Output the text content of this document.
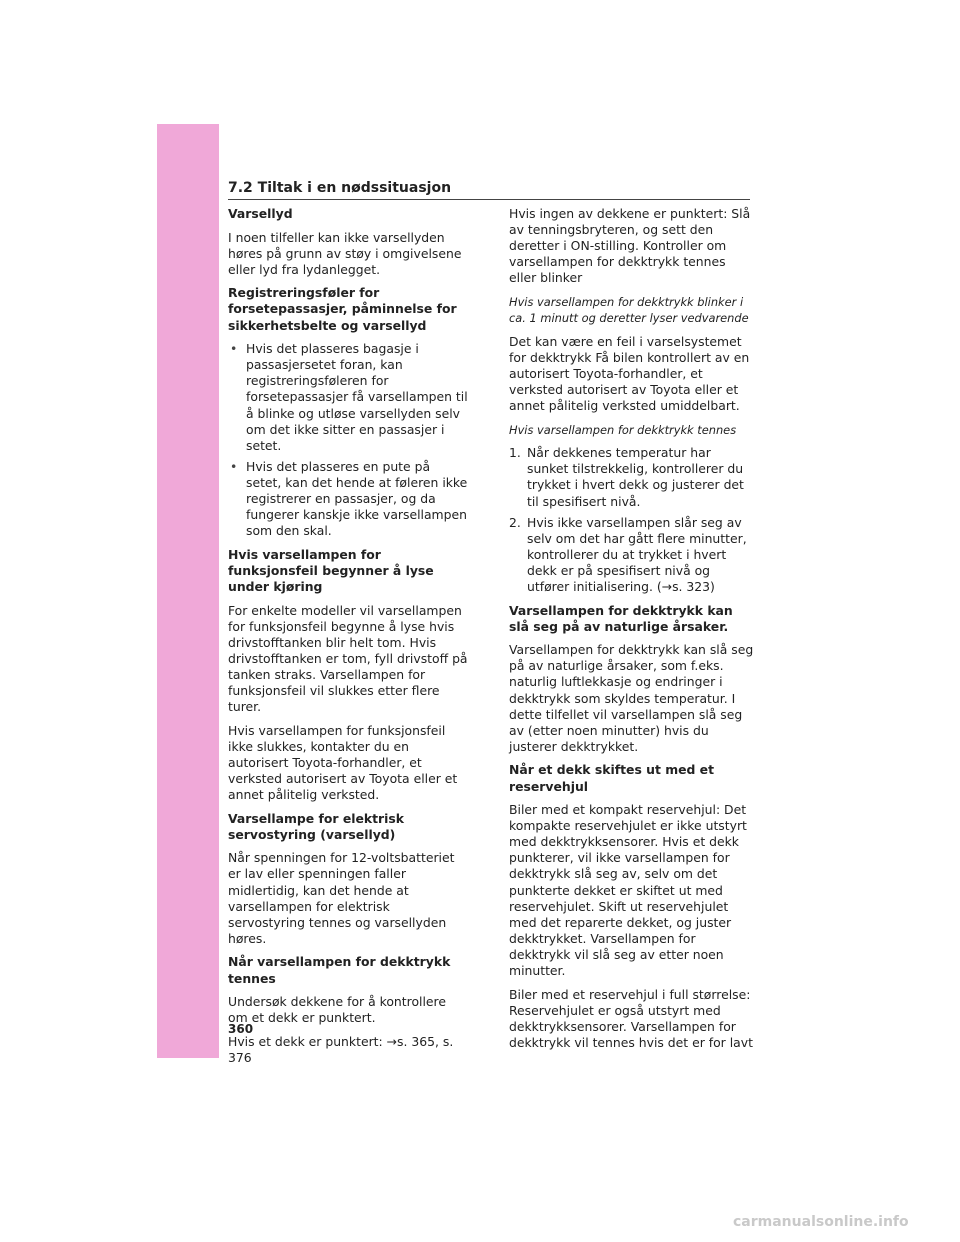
7.2 Tiltak i en nødssituasjon

Varsellyd

I noen tilfeller kan ikke varsellyden høres på grunn av støy i omgivelsene eller lyd fra lydanlegget.

Registreringsføler for forsetepassasjer, påminnelse for sikkerhetsbelte og varsellyd

• Hvis det plasseres bagasje i passasjersetet foran, kan registreringsføleren for forsetepassasjer få varsellampen til å blinke og utløse varsellyden selv om det ikke sitter en passasjer i setet.
• Hvis det plasseres en pute på setet, kan det hende at føleren ikke registrerer en passasjer, og da fungerer kanskje ikke varsellampen som den skal.

Hvis varsellampen for funksjonsfeil begynner å lyse under kjøring

For enkelte modeller vil varsellampen for funksjonsfeil begynne å lyse hvis drivstofftanken blir helt tom. Hvis drivstofftanken er tom, fyll drivstoff på tanken straks. Varsellampen for funksjonsfeil vil slukkes etter flere turer.

Hvis varsellampen for funksjonsfeil ikke slukkes, kontakter du en autorisert Toyota-forhandler, et verksted autorisert av Toyota eller et annet pålitelig verksted.

Varsellampe for elektrisk servostyring (varsellyd)

Når spenningen for 12-voltsbatteriet er lav eller spenningen faller midlertidig, kan det hende at varsellampen for elektrisk servostyring tennes og varsellyden høres.

Når varsellampen for dekktrykk tennes

Undersøk dekkene for å kontrollere om et dekk er punktert.

Hvis et dekk er punktert: →s. 365, s. 376

Hvis ingen av dekkene er punktert: Slå av tenningsbryteren, og sett den deretter i ON-stilling. Kontroller om varsellampen for dekktrykk tennes eller blinker

Hvis varsellampen for dekktrykk blinker i ca. 1 minutt og deretter lyser vedvarende

Det kan være en feil i varselsystemet for dekktrykk Få bilen kontrollert av en autorisert Toyota-forhandler, et verksted autorisert av Toyota eller et annet pålitelig verksted umiddelbart.

Hvis varsellampen for dekktrykk tennes

1. Når dekkenes temperatur har sunket tilstrekkelig, kontrollerer du trykket i hvert dekk og justerer det til spesifisert nivå.
2. Hvis ikke varsellampen slår seg av selv om det har gått flere minutter, kontrollerer du at trykket i hvert dekk er på spesifisert nivå og utfører initialisering. (→s. 323)

Varsellampen for dekktrykk kan slå seg på av naturlige årsaker.

Varsellampen for dekktrykk kan slå seg på av naturlige årsaker, som f.eks. naturlig luftlekkasje og endringer i dekktrykk som skyldes temperatur. I dette tilfellet vil varsellampen slå seg av (etter noen minutter) hvis du justerer dekktrykket.

Når et dekk skiftes ut med et reservehjul

Biler med et kompakt reservehjul: Det kompakte reservehjulet er ikke utstyrt med dekktrykksensorer. Hvis et dekk punkterer, vil ikke varsellampen for dekktrykk slå seg av, selv om det punkterte dekket er skiftet ut med reservehjulet. Skift ut reservehjulet med det reparerte dekket, og juster dekktrykket. Varsellampen for dekktrykk vil slå seg av etter noen minutter.

Biler med et reservehjul i full størrelse: Reservehjulet er også utstyrt med dekktrykksensorer. Varsellampen for dekktrykk vil tennes hvis det er for lavt

360
carmanualsonline.info
